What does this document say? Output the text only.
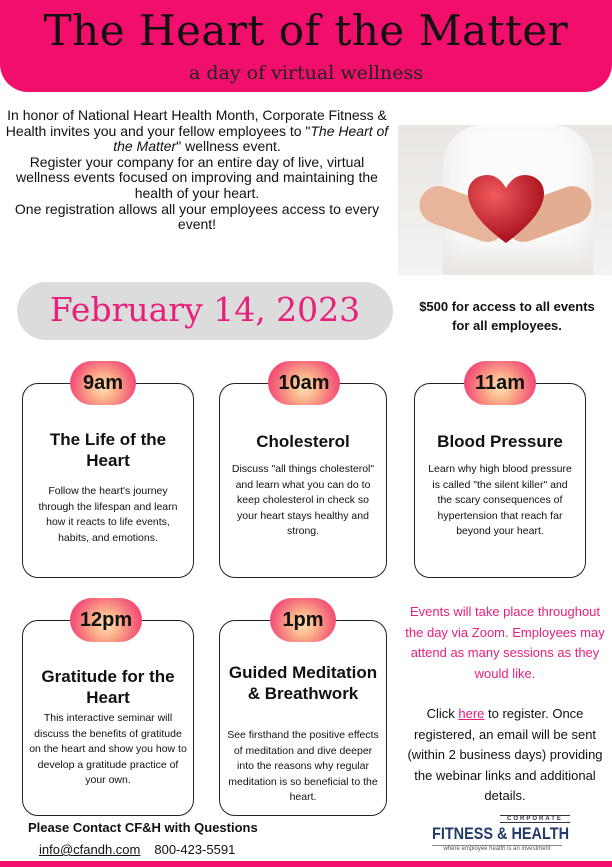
The Heart of the Matter
a day of virtual wellness

In honor of National Heart Health Month, Corporate Fitness & Health invites you and your fellow employees to "The Heart of the Matter" wellness event.

Register your company for an entire day of live, virtual wellness events focused on improving and maintaining the health of your heart.

One registration allows all your employees access to every event!

February 14, 2023	$500 for access to all events for all employees.
9am
The Life of the Heart
Follow the heart's journey through the lifespan and learn how it reacts to life events, habits, and emotions.
10am
Cholesterol
Discuss "all things cholesterol" and learn what you can do to keep cholesterol in check so your heart stays healthy and strong.
11am
Blood Pressure
Learn why high blood pressure is called "the silent killer" and the scary consequences of hypertension that reach far beyond your heart.
12pm
Gratitude for the Heart
This interactive seminar will discuss the benefits of gratitude on the heart and show you how to develop a gratitude practice of your own.
1pm
Guided Meditation & Breathwork
See firsthand the positive effects of meditation and dive deeper into the reasons why regular meditation is so beneficial to the heart.
Events will take place throughout the day via Zoom. Employees may attend as many sessions as they would like.
Click here to register. Once registered, an email will be sent (within 2 business days) providing the webinar links and additional details.
Please Contact CF&H with Questions
info@cfandh.com 800-423-5591
CORPORATE
FITNESS & HEALTH
where employee health is an investment
